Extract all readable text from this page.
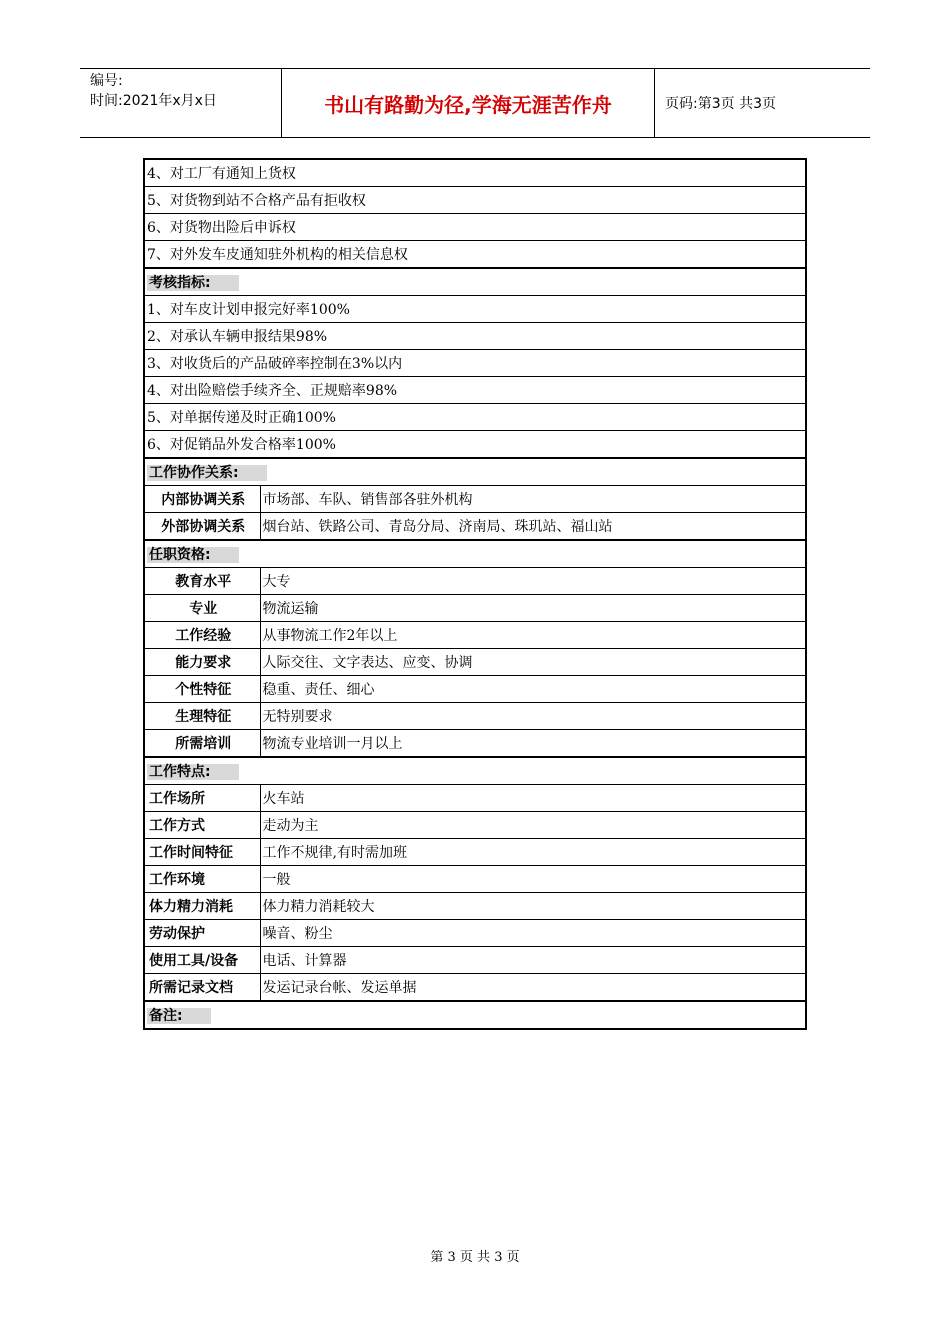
编号:
时间:2021年x月x日	书山有路勤为径,学海无涯苦作舟	页码:第3页 共3页
4、对工厂有通知上货权	
5、对货物到站不合格产品有拒收权	
6、对货物出险后申诉权	
7、对外发车皮通知驻外机构的相关信息权	
考核指标:	
1、对车皮计划申报完好率100%	
2、对承认车辆申报结果98%	
3、对收货后的产品破碎率控制在3%以内	
4、对出险赔偿手续齐全、正规赔率98%	
5、对单据传递及时正确100%	
6、对促销品外发合格率100%	
工作协作关系:	
内部协调关系	市场部、车队、销售部各驻外机构
外部协调关系	烟台站、铁路公司、青岛分局、济南局、珠玑站、福山站
任职资格:	
教育水平	大专
专业	物流运输
工作经验	从事物流工作2年以上
能力要求	人际交往、文字表达、应变、协调
个性特征	稳重、责任、细心
生理特征	无特别要求
所需培训	物流专业培训一月以上
工作特点:	
工作场所	火车站
工作方式	走动为主
工作时间特征	工作不规律,有时需加班
工作环境	一般
体力精力消耗	体力精力消耗较大
劳动保护	噪音、粉尘
使用工具/设备	电话、计算器
所需记录文档	发运记录台帐、发运单据
备注:	
第 3 页 共 3 页
